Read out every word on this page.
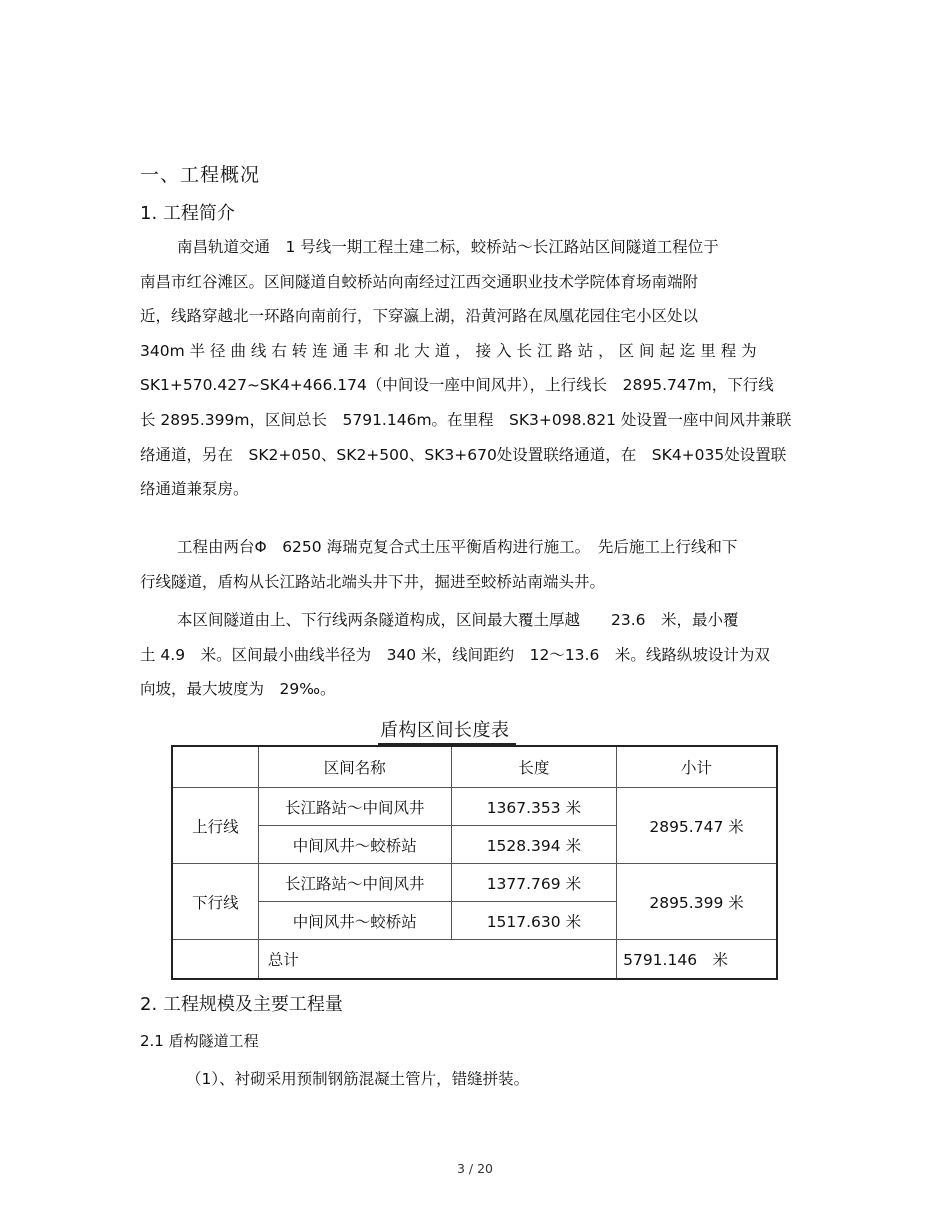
一、工程概况
1. 工程简介
南昌轨道交通　1 号线一期工程土建二标，蛟桥站～长江路站区间隧道工程位于
南昌市红谷滩区。区间隧道自蛟桥站向南经过江西交通职业技术学院体育场南端附
近，线路穿越北一环路向南前行，下穿瀛上湖，沿黄河路在凤凰花园住宅小区处以
340m 半 径 曲 线 右 转 连 通 丰 和 北 大 道 ， 接 入 长 江 路 站 ， 区 间 起 迄 里 程 为
SK1+570.427~SK4+466.174（中间设一座中间风井），上行线长　2895.747m，下行线
长 2895.399m，区间总长　5791.146m。在里程　SK3+098.821 处设置一座中间风井兼联
络通道，另在　SK2+050、SK2+500、SK3+670处设置联络通道，在　SK4+035处设置联
络通道兼泵房。
工程由两台Φ　6250 海瑞克复合式土压平衡盾构进行施工。　先后施工上行线和下
行线隧道，盾构从长江路站北端头井下井，掘进至蛟桥站南端头井。
本区间隧道由上、下行线两条隧道构成，区间最大覆土厚越　　23.6　米，最小覆
土 4.9　米。区间最小曲线半径为　340 米，线间距约　12～13.6　米。线路纵坡设计为双
向坡，最大坡度为　29‰。
盾构区间长度表
	区间名称	长度	小计
上行线	长江路站～中间风井	1367.353 米	2895.747 米
	中间风井～蛟桥站	1528.394 米	
下行线	长江路站～中间风井	1377.769 米	2895.399 米
	中间风井～蛟桥站	1517.630 米	
	总计		5791.146　米
2. 工程规模及主要工程量
2.1 盾构隧道工程
（1）、衬砌采用预制钢筋混凝土管片，错缝拼装。
3 / 20
